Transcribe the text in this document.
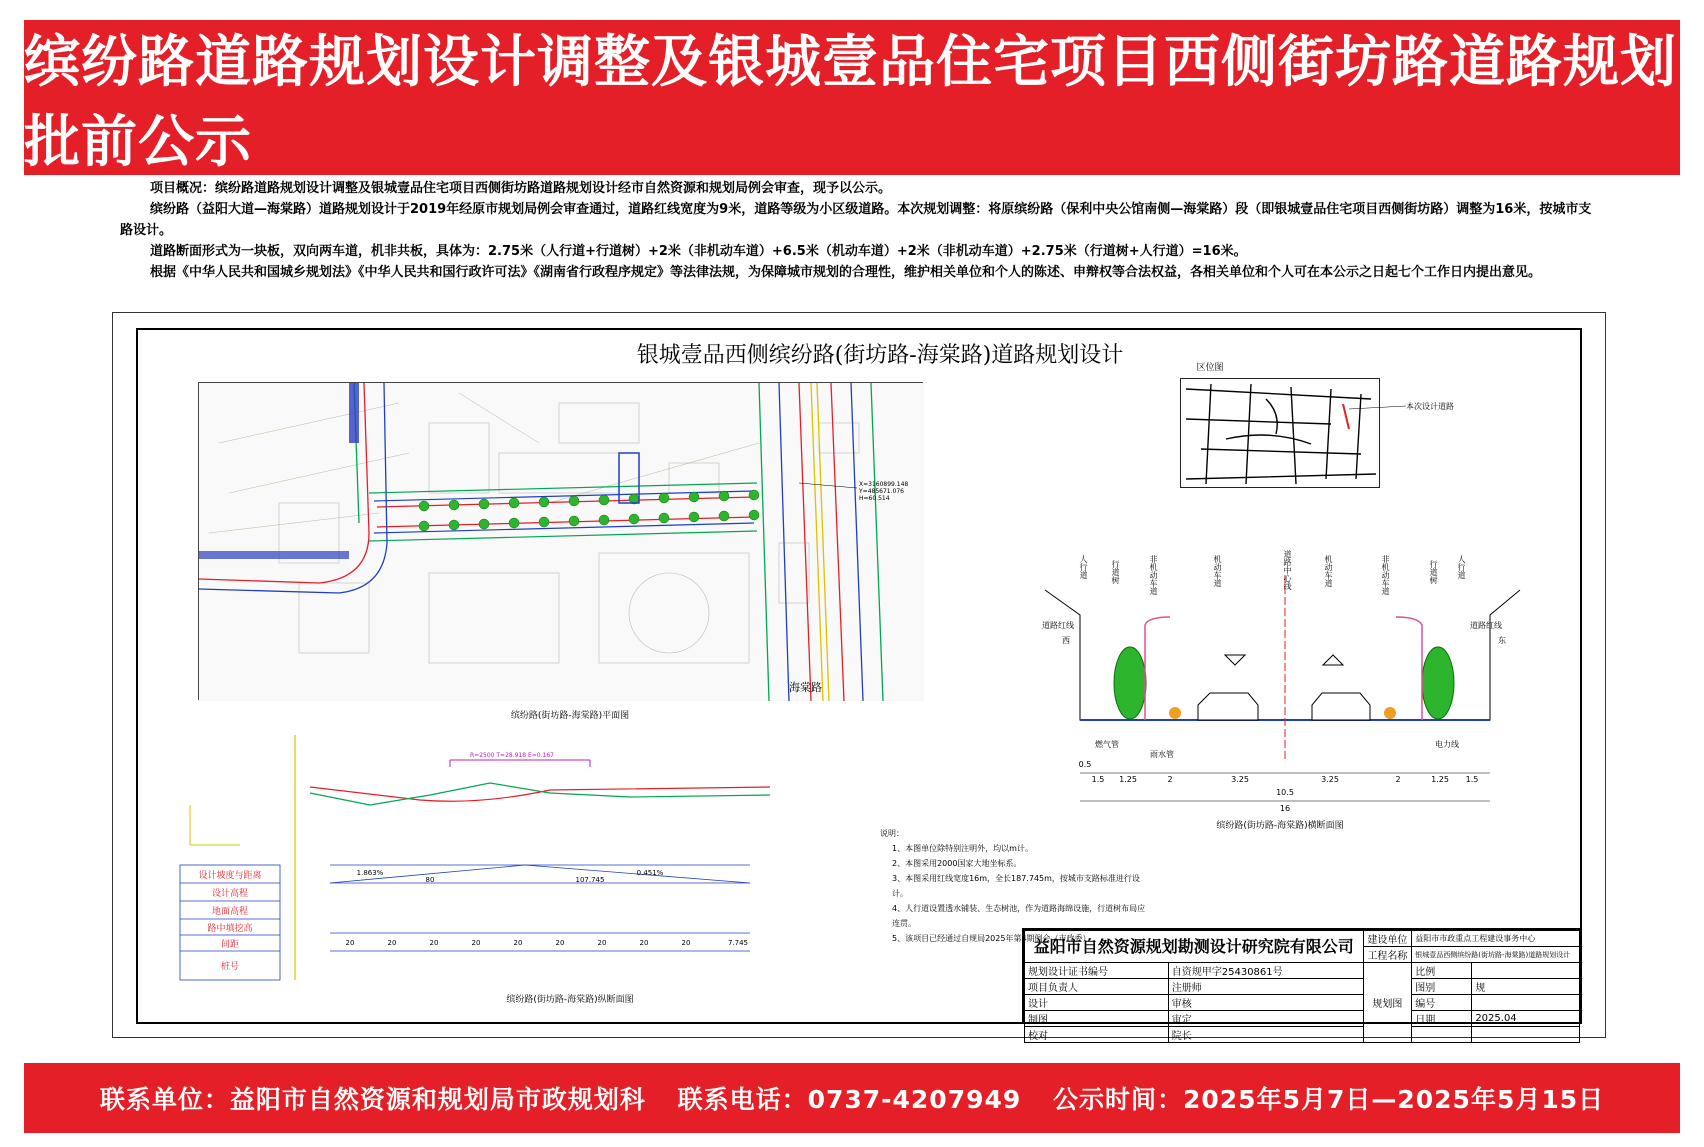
缤纷路道路规划设计调整及银城壹品住宅项目西侧街坊路道路规划批前公示

项目概况：缤纷路道路规划设计调整及银城壹品住宅项目西侧街坊路道路规划设计经市自然资源和规划局例会审查，现予以公示。

缤纷路（益阳大道—海棠路）道路规划设计于2019年经原市规划局例会审查通过，道路红线宽度为9米，道路等级为小区级道路。本次规划调整：将原缤纷路（保利中央公馆南侧—海棠路）段（即银城壹品住宅项目西侧街坊路）调整为16米，按城市支路设计。

道路断面形式为一块板，双向两车道，机非共板，具体为：2.75米（人行道+行道树）+2米（非机动车道）+6.5米（机动车道）+2米（非机动车道）+2.75米（行道树+人行道）=16米。

根据《中华人民共和国城乡规划法》《中华人民共和国行政许可法》《湖南省行政程序规定》等法律法规，为保障城市规划的合理性，维护相关单位和个人的陈述、申辩权等合法权益，各相关单位和个人可在本公示之日起七个工作日内提出意见。

银城壹品西侧缤纷路(街坊路-海棠路)道路规划设计
X=3160899.148
Y=485671.076
H=60.514
海棠路
缤纷路(街坊路-海棠路)平面图
区位图
本次设计道路
R=2500 T=28.918 E=0.167
设计坡度与距离
设计高程
地面高程
路中填挖高
间距
桩号
1.863%	0.451%
80	107.745
20	20	20	20	20	20	20	20	20	7.745
缤纷路(街坊路-海棠路)纵断面图
道路红线	道路红线
西	东
燃气管
雨水管
电力线
0.5
1.5 1.25	2	3.25	3.25	2	1.25 1.5
10.5
16
人行道	行道树	非机动车道	机动车道	道路中心线	机动车道	非机动车道	行道树 人行道
缤纷路(街坊路-海棠路)横断面图
说明：
1、本图单位除特别注明外，均以m计。
2、本图采用2000国家大地坐标系。
3、本图采用红线宽度16m，全长187.745m，按城市支路标准进行设计。
4、人行道设置透水铺装、生态树池，作为道路海绵设施，行道树布局应连贯。
5、该项目已经通过自规局2025年第4期例会（市政委）
益阳市自然资源规划勘测设计研究院有限公司		建设单位	益阳市市政重点工程建设事务中心	
		工程名称	银城壹品西侧缤纷路(街坊路-海棠路)道路规划设计	
规划设计证书编号	自资规甲字25430861号	规划图	比例	
项目负责人	注册师		图别	规
设计	审核		编号	
制图	审定		日期	2025.04
校对	院长			
联系单位：益阳市自然资源和规划局市政规划科 联系电话：0737-4207949 公示时间：2025年5月7日—2025年5月15日
